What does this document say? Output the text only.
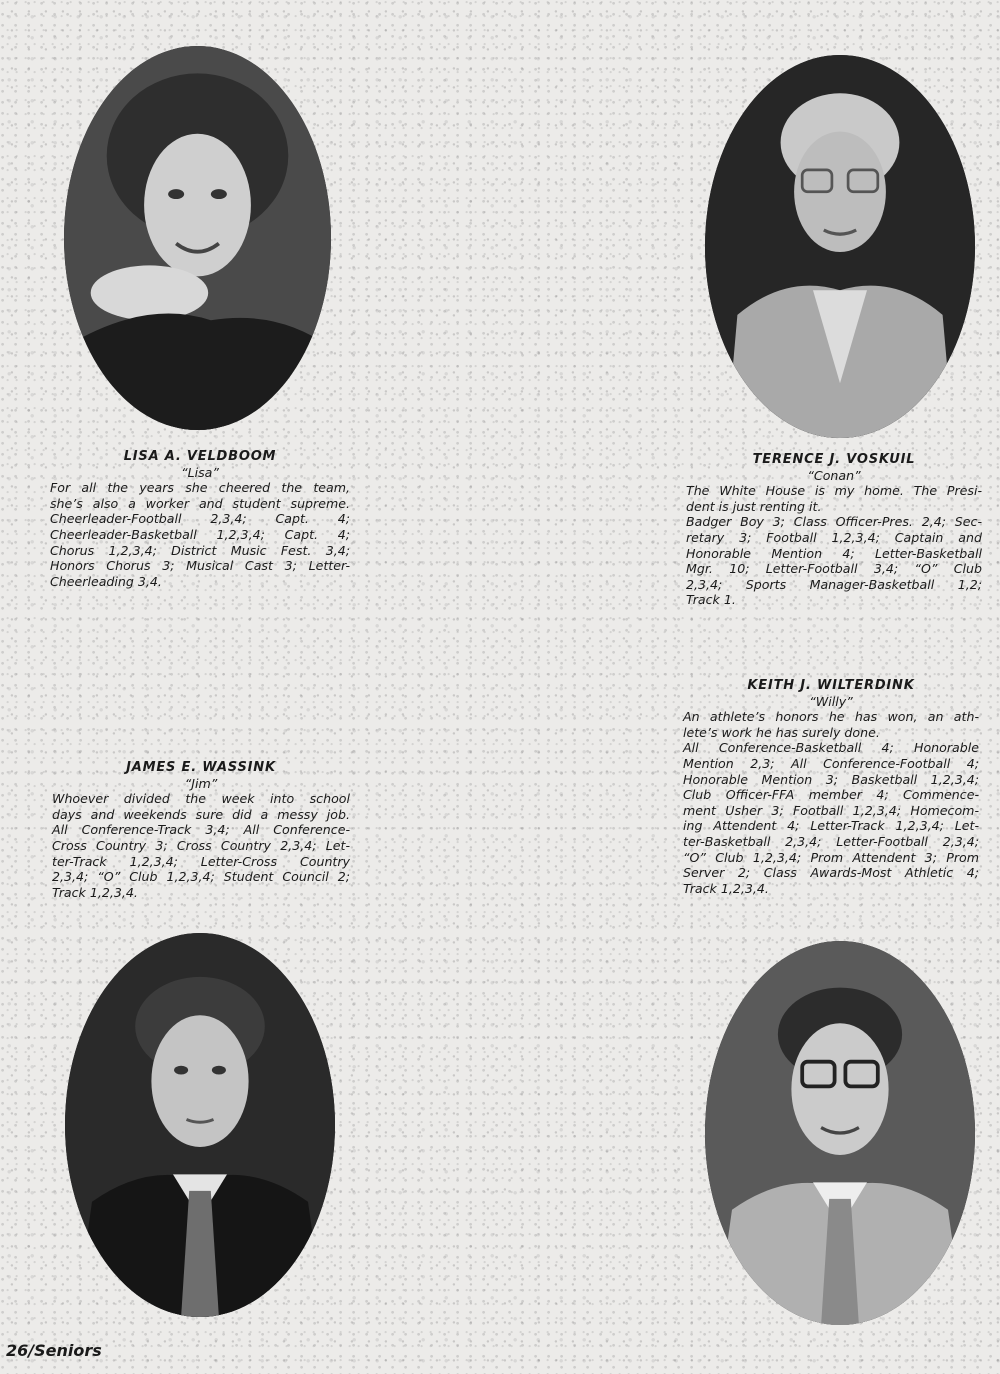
LISA A. VELDBOOM
“Lisa”
For all the years she cheered the team,
she’s also a worker and student supreme.
Cheerleader-Football 2,3,4; Capt. 4;
Cheerleader-Basketball 1,2,3,4; Capt. 4;
Chorus 1,2,3,4; District Music Fest. 3,4;
Honors Chorus 3; Musical Cast 3; Letter-
Cheerleading 3,4.
TERENCE J. VOSKUIL
“Conan”
The White House is my home. The Presi-
dent is just renting it.
Badger Boy 3; Class Officer-Pres. 2,4; Sec-
retary 3; Football 1,2,3,4; Captain and
Honorable Mention 4; Letter-Basketball
Mgr. 10; Letter-Football 3,4; “O” Club
2,3,4; Sports Manager-Basketball 1,2;
Track 1.
JAMES E. WASSINK
“Jim”
Whoever divided the week into school
days and weekends sure did a messy job.
All Conference-Track 3,4; All Conference-
Cross Country 3; Cross Country 2,3,4; Let-
ter-Track 1,2,3,4; Letter-Cross Country
2,3,4; “O” Club 1,2,3,4; Student Council 2;
Track 1,2,3,4.
KEITH J. WILTERDINK
“Willy”
An athlete’s honors he has won, an ath-
lete’s work he has surely done.
All Conference-Basketball 4; Honorable
Mention 2,3; All Conference-Football 4;
Honorable Mention 3; Basketball 1,2,3,4;
Club Officer-FFA member 4; Commence-
ment Usher 3; Football 1,2,3,4; Homecom-
ing Attendent 4; Letter-Track 1,2,3,4; Let-
ter-Basketball 2,3,4; Letter-Football 2,3,4;
“O” Club 1,2,3,4; Prom Attendent 3; Prom
Server 2; Class Awards-Most Athletic 4;
Track 1,2,3,4.
26/Seniors
